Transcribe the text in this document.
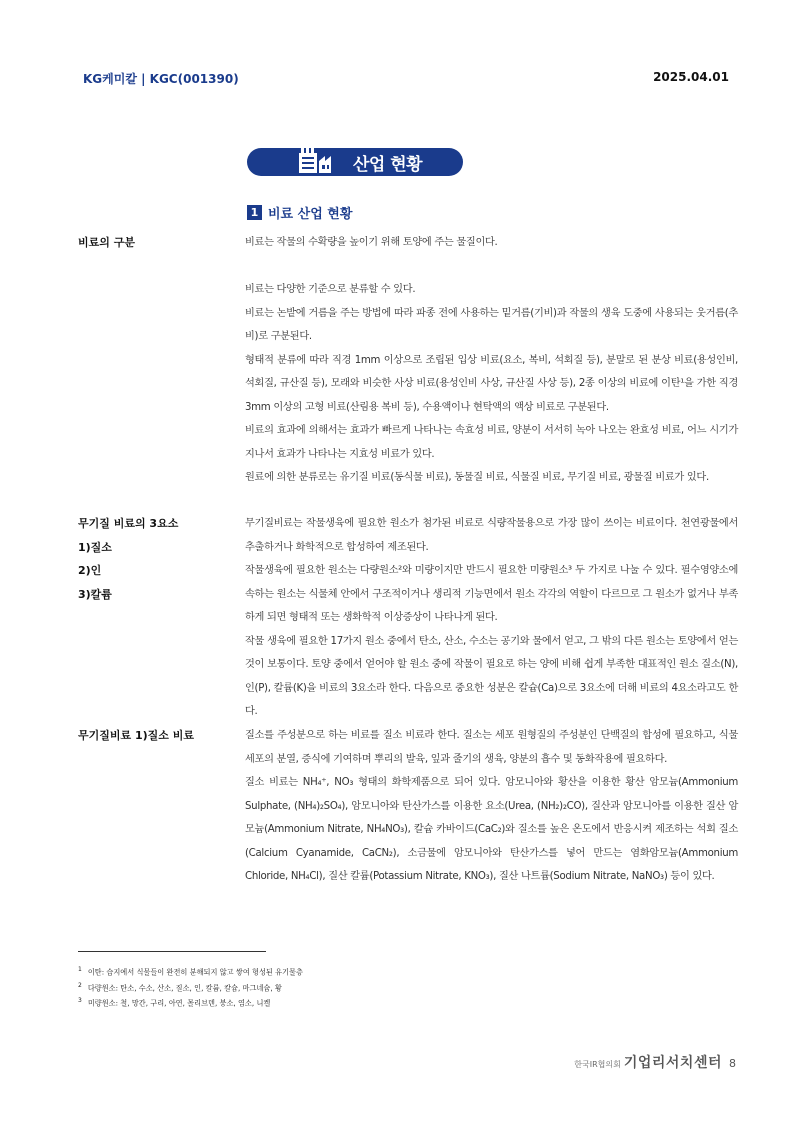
KG케미칼 | KGC(001390)	2025.04.01
산업 현황
1 비료 산업 현황
비료의 구분	비료는 작물의 수확량을 높이기 위해 토양에 주는 물질이다.

비료는 다양한 기준으로 분류할 수 있다.

비료는 논밭에 거름을 주는 방법에 따라 파종 전에 사용하는 밑거름(기비)과 작물의 생육 도중에 사용되는 웃거름(추비)로 구분된다.

형태적 분류에 따라 직경 1mm 이상으로 조립된 입상 비료(요소, 복비, 석회질 등), 분말로 된 분상 비료(용성인비, 석회질, 규산질 등), 모래와 비슷한 사상 비료(용성인비 사상, 규산질 사상 등), 2종 이상의 비료에 이탄¹을 가한 직경 3mm 이상의 고형 비료(산림용 복비 등), 수용액이나 현탁액의 액상 비료로 구분된다.

비료의 효과에 의해서는 효과가 빠르게 나타나는 속효성 비료, 양분이 서서히 녹아 나오는 완효성 비료, 어느 시기가 지나서 효과가 나타나는 지효성 비료가 있다.

원료에 의한 분류로는 유기질 비료(동식물 비료), 동물질 비료, 식물질 비료, 무기질 비료, 광물질 비료가 있다.

무기질 비료의 3요소
1)질소
2)인
3)칼륨

무기질비료는 작물생육에 필요한 원소가 첨가된 비료로 식량작물용으로 가장 많이 쓰이는 비료이다. 천연광물에서 추출하거나 화학적으로 합성하여 제조된다.

작물생육에 필요한 원소는 다량원소²와 미량이지만 반드시 필요한 미량원소³ 두 가지로 나눌 수 있다. 필수영양소에 속하는 원소는 식물체 안에서 구조적이거나 생리적 기능면에서 원소 각각의 역할이 다르므로 그 원소가 없거나 부족하게 되면 형태적 또는 생화학적 이상증상이 나타나게 된다.

작물 생육에 필요한 17가지 원소 중에서 탄소, 산소, 수소는 공기와 물에서 얻고, 그 밖의 다른 원소는 토양에서 얻는 것이 보통이다. 토양 중에서 얻어야 할 원소 중에 작물이 필요로 하는 양에 비해 쉽게 부족한 대표적인 원소 질소(N), 인(P), 칼륨(K)을 비료의 3요소라 한다. 다음으로 중요한 성분은 칼슘(Ca)으로 3요소에 더해 비료의 4요소라고도 한다.

무기질비료 1)질소 비료	질소를 주성분으로 하는 비료를 질소 비료라 한다. 질소는 세포 원형질의 주성분인 단백질의 합성에 필요하고, 식물세포의 분열, 증식에 기여하며 뿌리의 발육, 잎과 줄기의 생육, 양분의 흡수 및 동화작용에 필요하다.

질소 비료는 NH₄⁺, NO₃ 형태의 화학제품으로 되어 있다. 암모니아와 황산을 이용한 황산 암모늄(Ammonium Sulphate, (NH₄)₂SO₄), 암모니아와 탄산가스를 이용한 요소(Urea, (NH₂)₂CO), 질산과 암모니아를 이용한 질산 암모늄(Ammonium Nitrate, NH₄NO₃), 칼슘 카바이드(CaC₂)와 질소를 높은 온도에서 반응시켜 제조하는 석회 질소(Calcium Cyanamide, CaCN₂), 소금물에 암모니아와 탄산가스를 넣어 만드는 염화암모늄(Ammonium Chloride, NH₄Cl), 질산 칼륨(Potassium Nitrate, KNO₃), 질산 나트륨(Sodium Nitrate, NaNO₃) 등이 있다.

$^1$ 이탄: 습지에서 식물들이 완전히 분해되지 않고 쌓여 형성된 유기물층
$^2$ 다량원소: 탄소, 수소, 산소, 질소, 인, 칼륨, 칼슘, 마그네슘, 황
$^3$ 미량원소: 철, 망간, 구리, 아연, 몰리브덴, 붕소, 염소, 니켈
한국IR협의회 기업리서치센터 8
